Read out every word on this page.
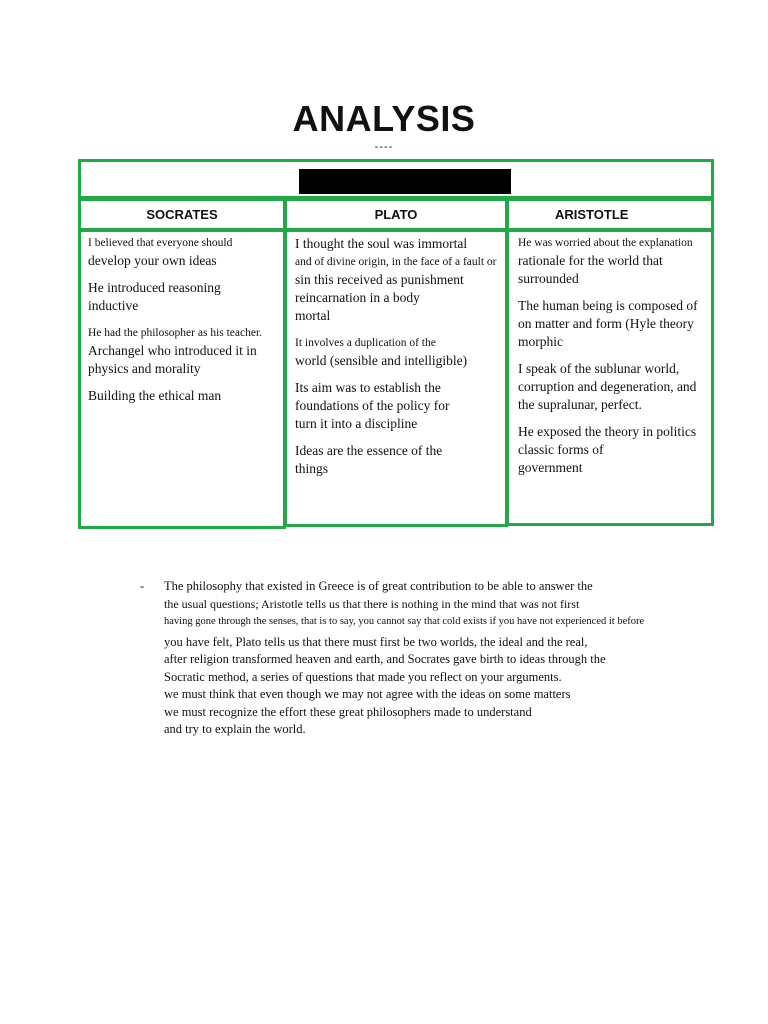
ANALYSIS
----
SOCRATES	PLATO	ARISTOTLE

I believed that everyone should
develop your own ideas

He introduced reasoning
inductive

He had the philosopher as his teacher.
Archangel who introduced it in
physics and morality

Building the ethical man

I thought the soul was immortal
and of divine origin, in the face of a fault or
sin this received as punishment
reincarnation in a body
mortal

It involves a duplication of the
world (sensible and intelligible)

Its aim was to establish the
foundations of the policy for
turn it into a discipline

Ideas are the essence of the
things

He was worried about the explanation
rationale for the world that
surrounded

The human being is composed of
on matter and form (Hyle theory
morphic

I speak of the sublunar world,
corruption and degeneration, and
the supralunar, perfect.

He exposed the theory in politics
classic forms of
government

- The philosophy that existed in Greece is of great contribution to be able to answer the
the usual questions; Aristotle tells us that there is nothing in the mind that was not first
having gone through the senses, that is to say, you cannot say that cold exists if you have not experienced it before
you have felt, Plato tells us that there must first be two worlds, the ideal and the real,
after religion transformed heaven and earth, and Socrates gave birth to ideas through the
Socratic method, a series of questions that made you reflect on your arguments.
we must think that even though we may not agree with the ideas on some matters
we must recognize the effort these great philosophers made to understand
and try to explain the world.
